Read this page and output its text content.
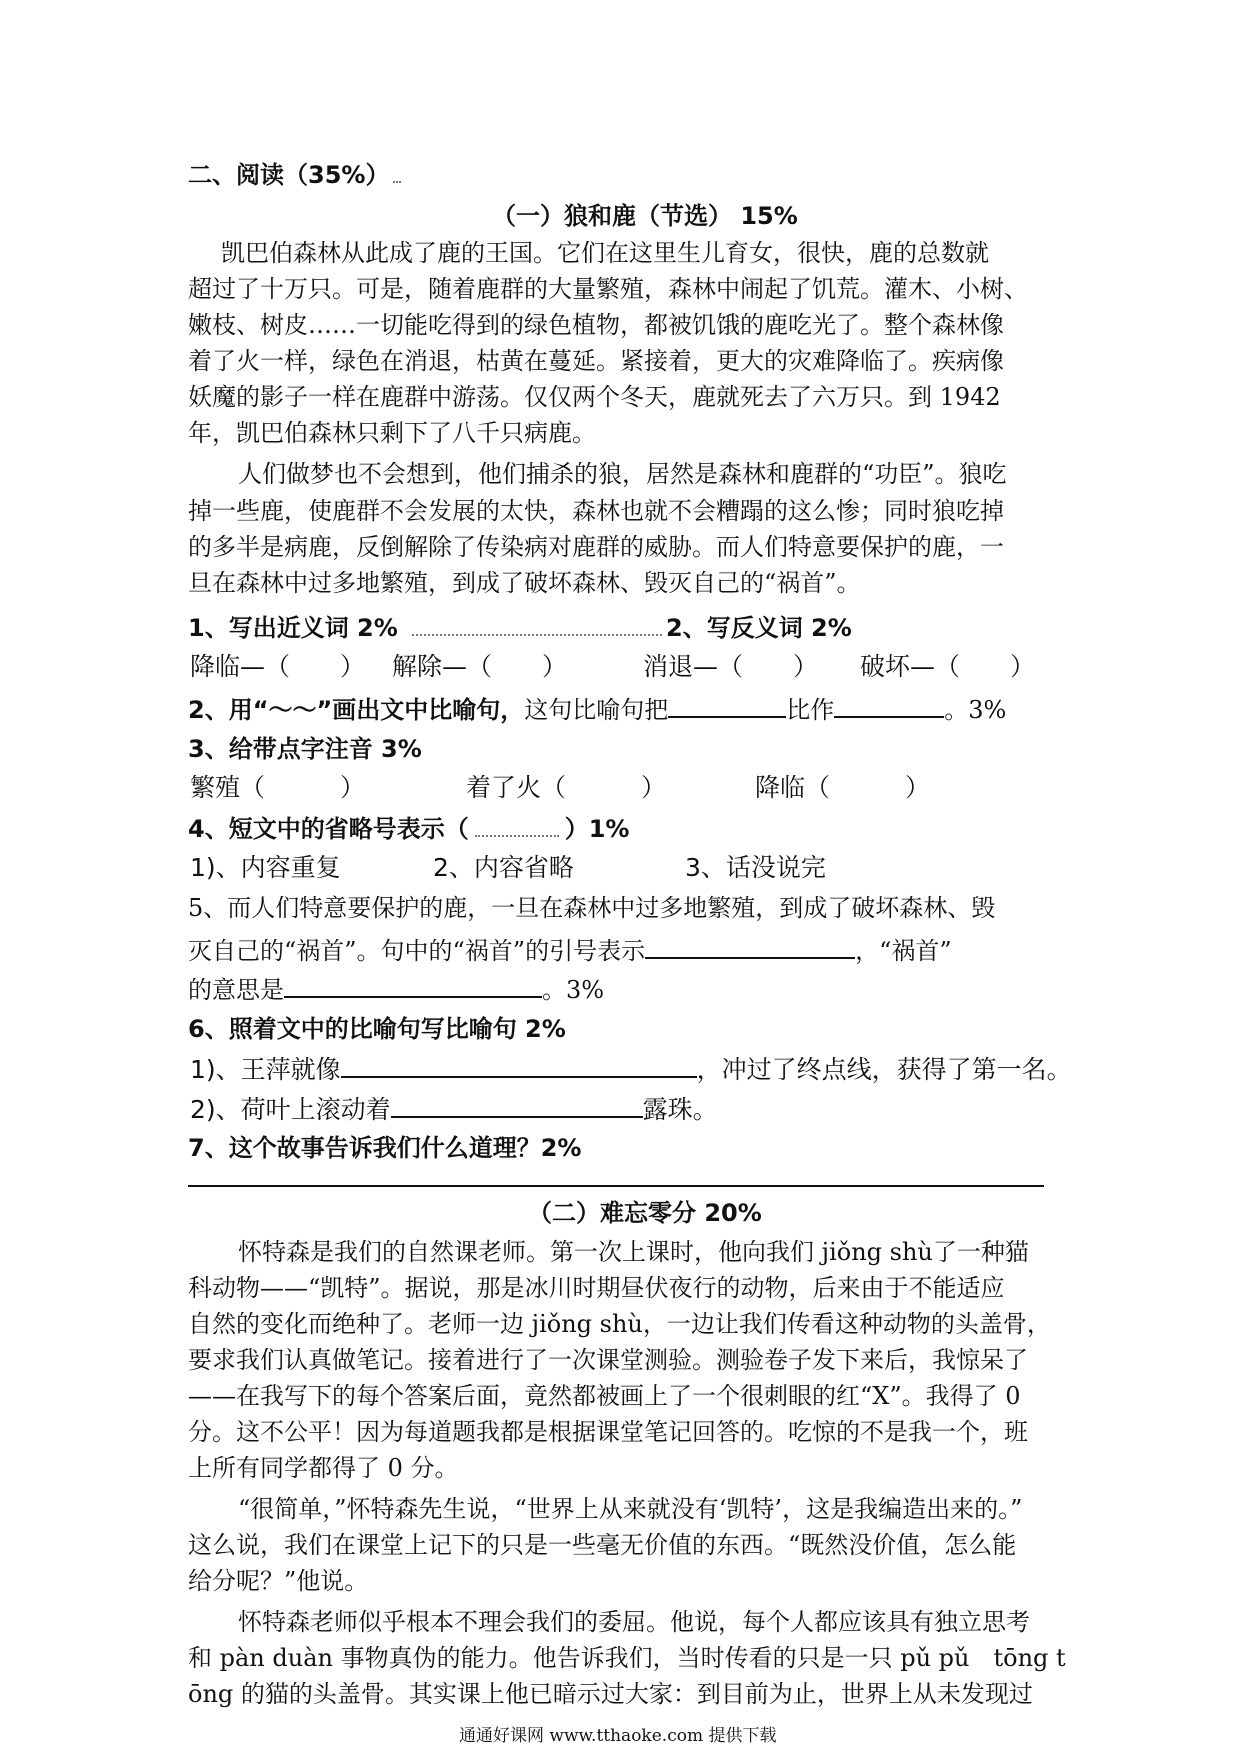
二、阅读（35%）
（一）狼和鹿（节选） 15%
凯巴伯森林从此成了鹿的王国。它们在这里生儿育女，很快，鹿的总数就
超过了十万只。可是，随着鹿群的大量繁殖，森林中闹起了饥荒。灌木、小树、
嫩枝、树皮……一切能吃得到的绿色植物，都被饥饿的鹿吃光了。整个森林像
着了火一样，绿色在消退，枯黄在蔓延。紧接着，更大的灾难降临了。疾病像
妖魔的影子一样在鹿群中游荡。仅仅两个冬天，鹿就死去了六万只。到 1942
年，凯巴伯森林只剩下了八千只病鹿。
人们做梦也不会想到，他们捕杀的狼，居然是森林和鹿群的“功臣”。狼吃
掉一些鹿，使鹿群不会发展的太快，森林也就不会糟蹋的这么惨；同时狼吃掉
的多半是病鹿，反倒解除了传染病对鹿群的威胁。而人们特意要保护的鹿，一
旦在森林中过多地繁殖，到成了破坏森林、毁灭自己的“祸首”。
1、写出近义词 2%	2、写反义词 2%
降临—（　　） 解除—（　　）	消退—（　　） 破坏—（　　）
2、用“～～”画出文中比喻句，这句比喻句把	比作	。3%
3、给带点字注音 3%
繁殖（　　　）	着了火（　　　）	降临（　　　）
4、短文中的省略号表示（	）1%
1)、内容重复	2、内容省略	3、话没说完
5、而人们特意要保护的鹿，一旦在森林中过多地繁殖，到成了破坏森林、毁
灭自己的“祸首”。句中的“祸首”的引号表示	，“祸首”
的意思是	。3%
6、照着文中的比喻句写比喻句 2%
1)、王萍就像	，冲过了终点线，获得了第一名。
2)、荷叶上滚动着	露珠。
7、这个故事告诉我们什么道理？2%
（二）难忘零分 20%
怀特森是我们的自然课老师。第一次上课时，他向我们 jiǒng shù了一种猫
科动物——“凯特”。据说，那是冰川时期昼伏夜行的动物，后来由于不能适应
自然的变化而绝种了。老师一边 jiǒng shù，一边让我们传看这种动物的头盖骨，
要求我们认真做笔记。接着进行了一次课堂测验。测验卷子发下来后，我惊呆了
——在我写下的每个答案后面，竟然都被画上了一个很刺眼的红“X”。我得了 0
分。这不公平！因为每道题我都是根据课堂笔记回答的。吃惊的不是我一个，班
上所有同学都得了 0 分。
“很简单，”怀特森先生说，“世界上从来就没有‘凯特’，这是我编造出来的。”
这么说，我们在课堂上记下的只是一些毫无价值的东西。“既然没价值，怎么能
给分呢？”他说。
怀特森老师似乎根本不理会我们的委屈。他说，每个人都应该具有独立思考
和 pàn duàn 事物真伪的能力。他告诉我们，当时传看的只是一只 pǔ pǔ　tōng t
ōng 的猫的头盖骨。其实课上他已暗示过大家：到目前为止，世界上从未发现过
通通好课网 www.tthaoke.com 提供下载
